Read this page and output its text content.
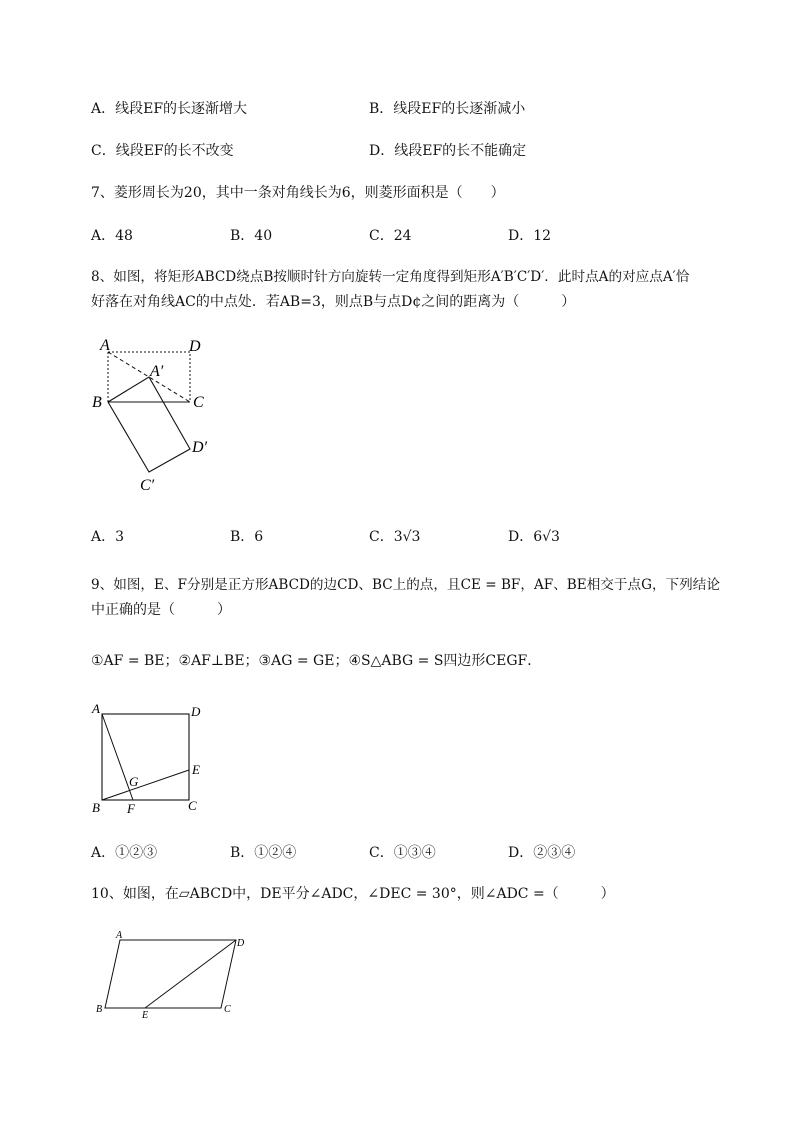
A．线段EF的长逐渐增大	B．线段EF的长逐渐减小
C．线段EF的长不改变	D．线段EF的长不能确定
7、菱形周长为20，其中一条对角线长为6，则菱形面积是（　　）
A．48	B．40	C．24	D．12
8、如图，将矩形ABCD绕点B按顺时针方向旋转一定角度得到矩形A′B′C′D′．此时点A的对应点A′恰
好落在对角线AC的中点处．若AB=3，则点B与点D¢之间的距离为（　　　）
A	D
A′
B	C
D′
C′
A．3	B．6	C．3√3	D．6√3
9、如图，E、F分别是正方形ABCD的边CD、BC上的点，且CE = BF，AF、BE相交于点G，下列结论
中正确的是（　　　）
①AF = BE；②AF⊥BE；③AG = GE；④S△ABG = S四边形CEGF．
A	D
E
G
B F	C
A．①②③	B．①②④	C．①③④	D．②③④
10、如图，在▱ABCD中，DE平分∠ADC，∠DEC = 30°，则∠ADC =（　　　）
A
D
B
E
C
